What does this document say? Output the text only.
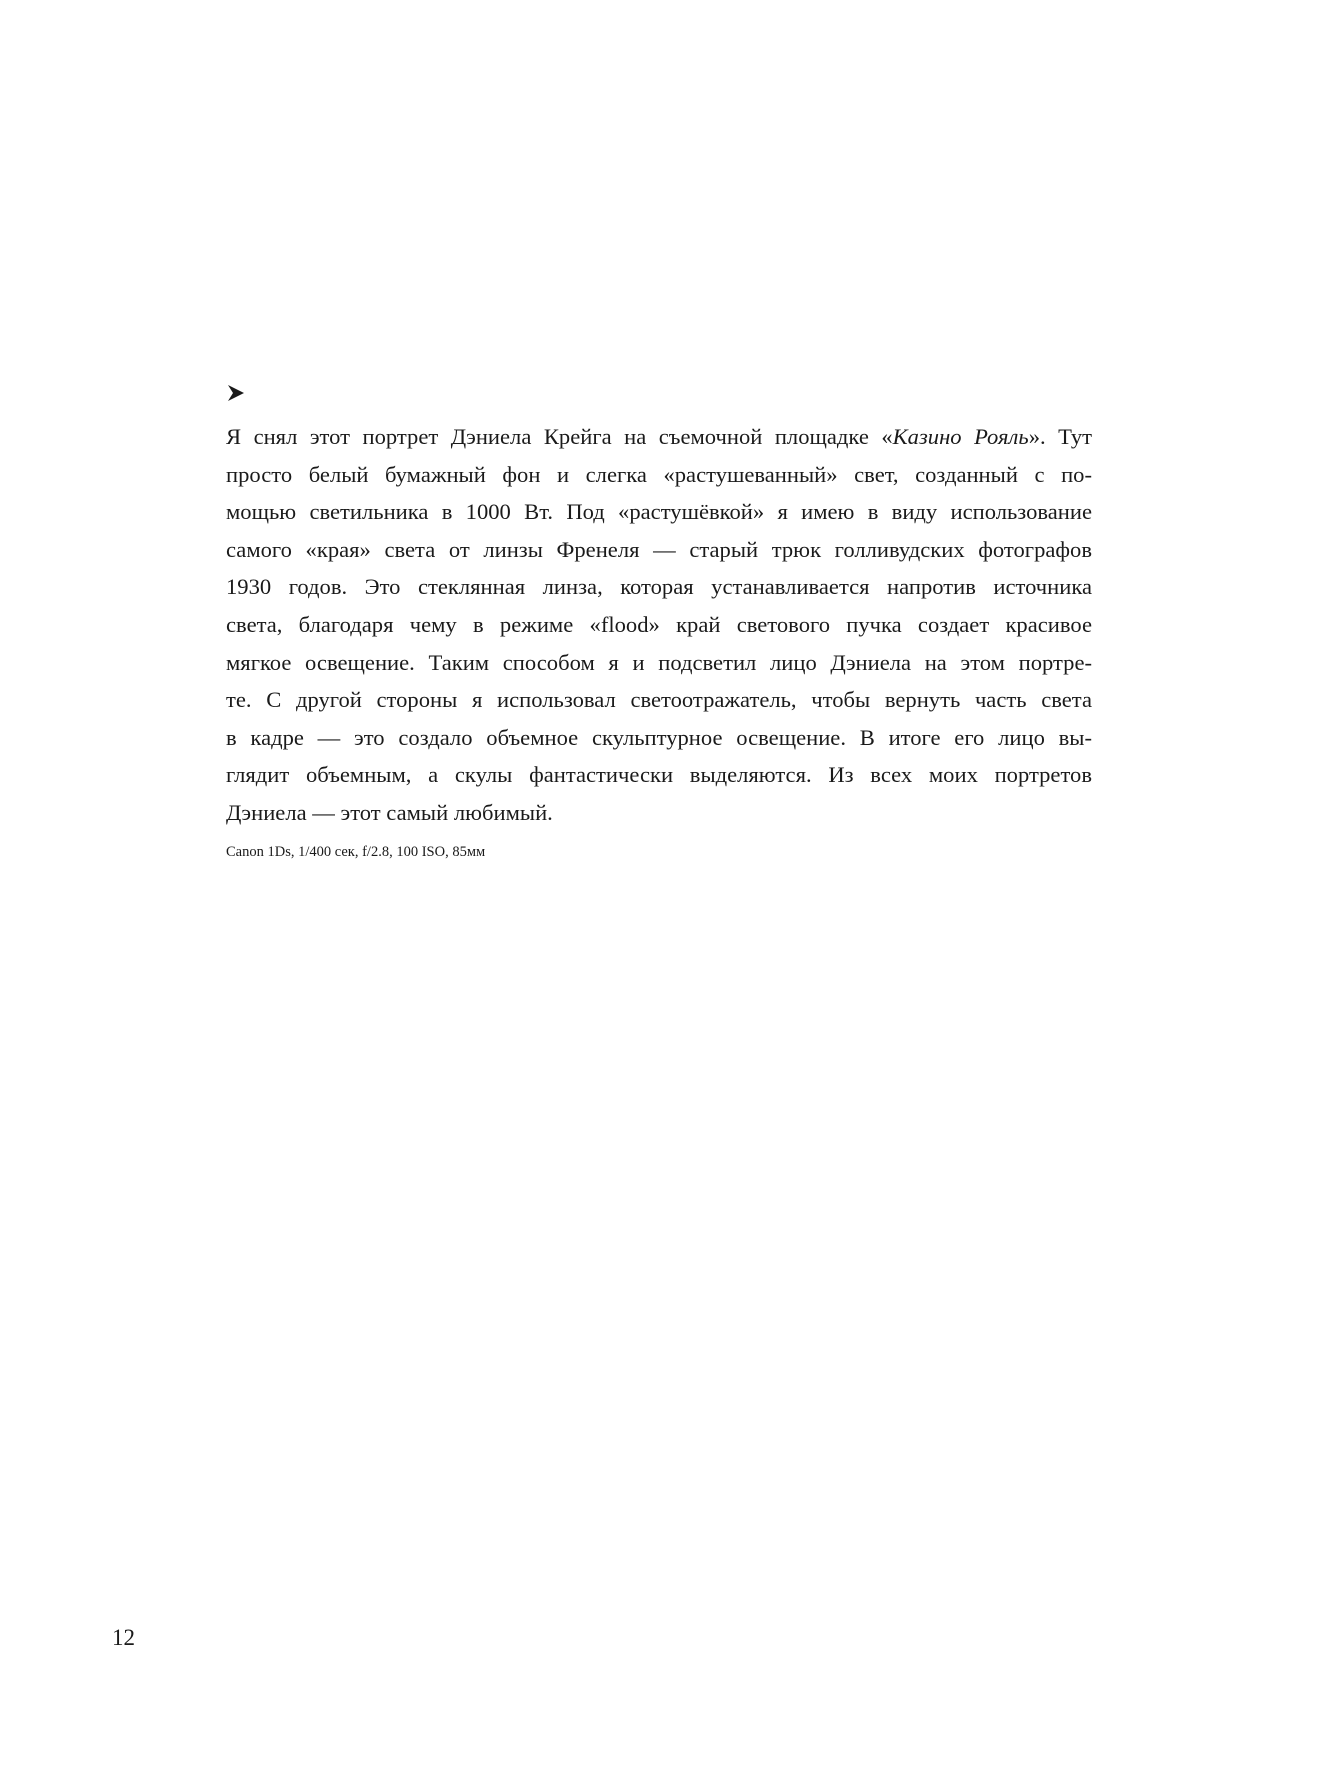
Я снял этот портрет Дэниела Крейга на съемочной площадке «Казино Рояль». Тут
просто белый бумажный фон и слегка «растушеванный» свет, созданный с по-
мощью светильника в 1000 Вт. Под «растушёвкой» я имею в виду использование
самого «края» света от линзы Френеля — старый трюк голливудских фотографов
1930 годов. Это стеклянная линза, которая устанавливается напротив источника
света, благодаря чему в режиме «flood» край светового пучка создает красивое
мягкое освещение. Таким способом я и подсветил лицо Дэниела на этом портре-
те. С другой стороны я использовал светоотражатель, чтобы вернуть часть света
в кадре — это создало объемное скульптурное освещение. В итоге его лицо вы-
глядит объемным, а скулы фантастически выделяются. Из всех моих портретов
Дэниела — этот самый любимый.

Canon 1Ds, 1/400 сек, f/2.8, 100 ISO, 85мм

12
